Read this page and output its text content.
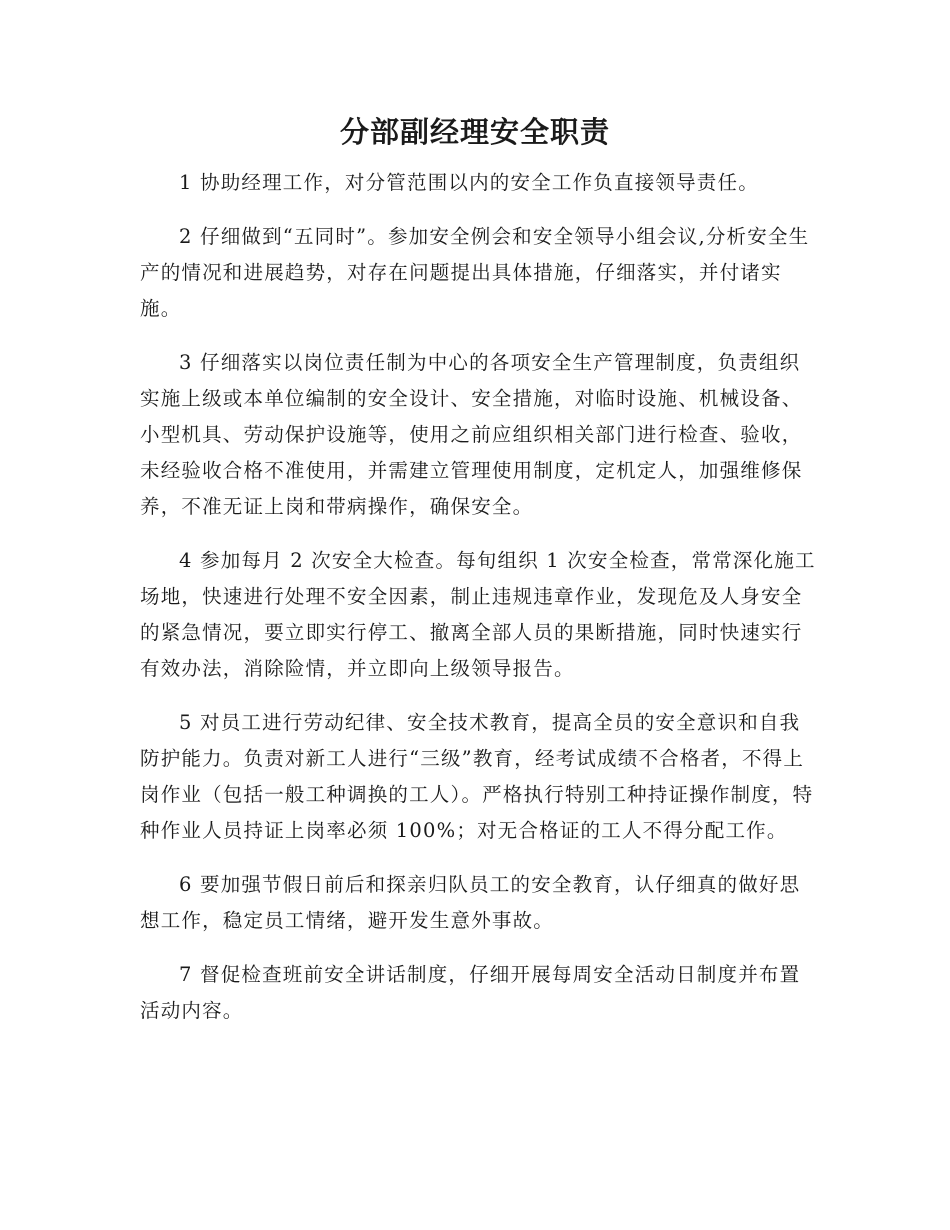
分部副经理安全职责

1 协助经理工作，对分管范围以内的安全工作负直接领导责任。

2 仔细做到“五同时”。参加安全例会和安全领导小组会议,分析安全生产的情况和进展趋势，对存在问题提出具体措施，仔细落实，并付诸实施。

3 仔细落实以岗位责任制为中心的各项安全生产管理制度，负责组织实施上级或本单位编制的安全设计、安全措施，对临时设施、机械设备、小型机具、劳动保护设施等，使用之前应组织相关部门进行检查、验收，未经验收合格不准使用，并需建立管理使用制度，定机定人，加强维修保养，不准无证上岗和带病操作，确保安全。

4 参加每月 2 次安全大检查。每旬组织 1 次安全检查，常常深化施工场地，快速进行处理不安全因素，制止违规违章作业，发现危及人身安全的紧急情况，要立即实行停工、撤离全部人员的果断措施，同时快速实行有效办法，消除险情，并立即向上级领导报告。

5 对员工进行劳动纪律、安全技术教育，提高全员的安全意识和自我防护能力。负责对新工人进行“三级”教育，经考试成绩不合格者，不得上岗作业（包括一般工种调换的工人）。严格执行特别工种持证操作制度，特种作业人员持证上岗率必须 100%；对无合格证的工人不得分配工作。

6 要加强节假日前后和探亲归队员工的安全教育，认仔细真的做好思想工作，稳定员工情绪，避开发生意外事故。

7 督促检查班前安全讲话制度，仔细开展每周安全活动日制度并布置活动内容。
